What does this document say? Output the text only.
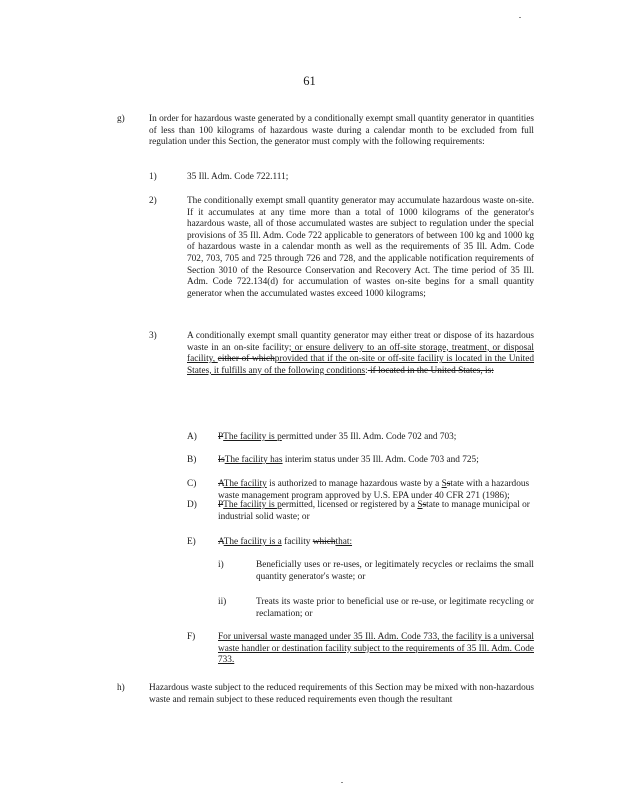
61
g)	In order for hazardous waste generated by a conditionally exempt small quantity generator in quantities of less than 100 kilograms of hazardous waste during a calendar month to be excluded from full regulation under this Section, the generator must comply with the following requirements:
1)	35 Ill. Adm. Code 722.111;
2)	The conditionally exempt small quantity generator may accumulate hazardous waste on-site. If it accumulates at any time more than a total of 1000 kilograms of the generator's hazardous waste, all of those accumulated wastes are subject to regulation under the special provisions of 35 Ill. Adm. Code 722 applicable to generators of between 100 kg and 1000 kg of hazardous waste in a calendar month as well as the requirements of 35 Ill. Adm. Code 702, 703, 705 and 725 through 726 and 728, and the applicable notification requirements of Section 3010 of the Resource Conservation and Recovery Act. The time period of 35 Ill. Adm. Code 722.134(d) for accumulation of wastes on-site begins for a small quantity generator when the accumulated wastes exceed 1000 kilograms;
3)	A conditionally exempt small quantity generator may either treat or dispose of its hazardous waste in an on-site facility; or ensure delivery to an off-site storage, treatment, or disposal facility, either of whichprovided that if the on-site or off-site facility is located in the United States, it fulfills any of the following conditions: if located in the United States, is:
A) PThe facility is permitted under 35 Ill. Adm. Code 702 and 703;
B) IsThe facility has interim status under 35 Ill. Adm. Code 703 and 725;
C) AThe facility is authorized to manage hazardous waste by a Sstate with a hazardous waste management program approved by U.S. EPA under 40 CFR 271 (1986);
D) PThe facility is permitted, licensed or registered by a Sstate to manage municipal or industrial solid waste; or
E) AThe facility is a facility whichthat:
i)	Beneficially uses or re-uses, or legitimately recycles or reclaims the small quantity generator's waste; or
ii)	Treats its waste prior to beneficial use or re-use, or legitimate recycling or reclamation; or
F) For universal waste managed under 35 Ill. Adm. Code 733, the facility is a universal waste handler or destination facility subject to the requirements of 35 Ill. Adm. Code 733.
h)	Hazardous waste subject to the reduced requirements of this Section may be mixed with non-hazardous waste and remain subject to these reduced requirements even though the resultant
